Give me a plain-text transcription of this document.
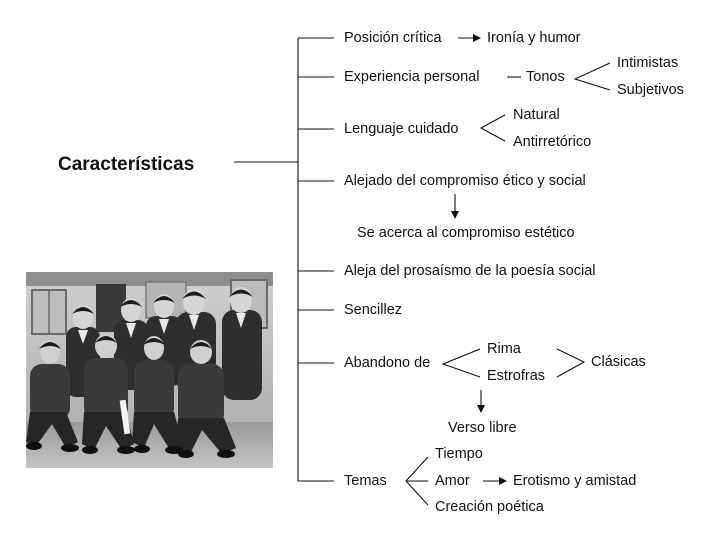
Características
Posición crítica	Ironía y humor
Experiencia personal	Tonos
Intimistas
Subjetivos
Lenguaje cuidado
Natural
Antirretórico
Alejado del compromiso ético y social
Se acerca al compromiso estético
Aleja del prosaísmo de la poesía social
Sencillez
Abandono de
Rima
Estrofras
Clásicas
Verso libre
Temas
Tiempo
Amor	Erotismo y amistad
Creación poética
